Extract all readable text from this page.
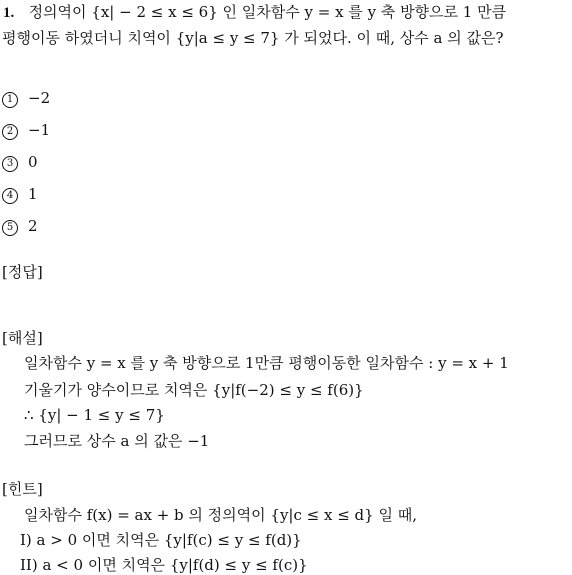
1. 정의역이 {x| − 2 ≤ x ≤ 6} 인 일차함수 y = x 를 y 축 방향으로 1 만큼
평행이동 하였더니 치역이 {y|a ≤ y ≤ 7} 가 되었다. 이 때, 상수 a 의 값은?
1 −2
2 −1
3 0
4 1
5 2
[정답]
[해설]
일차함수 y = x 를 y 축 방향으로 1만큼 평행이동한 일차함수 : y = x + 1
기울기가 양수이므로 치역은 {y|f(−2) ≤ y ≤ f(6)}
∴ {y| − 1 ≤ y ≤ 7}
그러므로 상수 a 의 값은 −1
[힌트]
일차함수 f(x) = ax + b 의 정의역이 {y|c ≤ x ≤ d} 일 때,
I) a > 0 이면 치역은 {y|f(c) ≤ y ≤ f(d)}
II) a < 0 이면 치역은 {y|f(d) ≤ y ≤ f(c)}
